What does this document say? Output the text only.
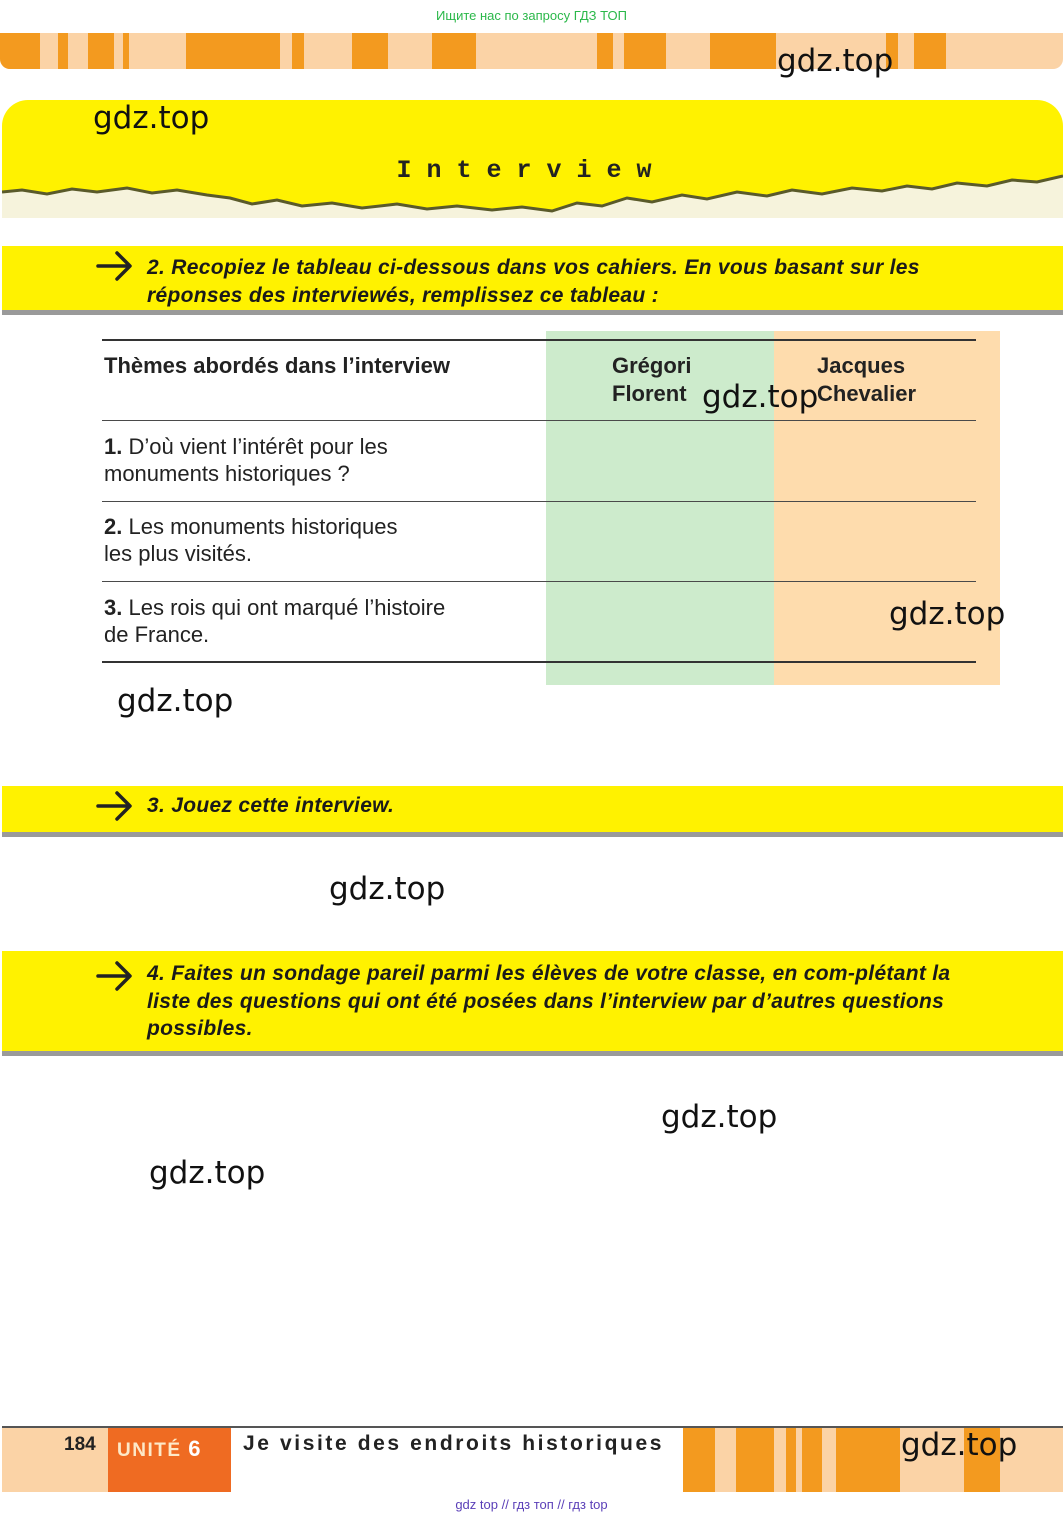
Ищите нас по запросу ГДЗ ТОП
gdz.top
Interview
gdz.top
2. Recopiez le tableau ci-dessous dans vos cahiers. En vous basant sur les réponses des interviewés, remplissez ce tableau :
Thèmes abordés dans l’interview	Grégori
Florent
Jacques
Chevalier
gdz.top
1. D’où vient l’intérêt pour les
monuments historiques ?
2. Les monuments historiques
les plus visités.
3. Les rois qui ont marqué l’histoire
de France.
gdz.top
gdz.top
3. Jouez cette interview.
gdz.top
4. Faites un sondage pareil parmi les élèves de votre classe, en com-plétant la liste des questions qui ont été posées dans l’interview par d’autres questions possibles.
gdz.top
gdz.top
184 UNITÉ 6 Je visite des endroits historiques	gdz.top
gdz top // гдз топ // гдз top
